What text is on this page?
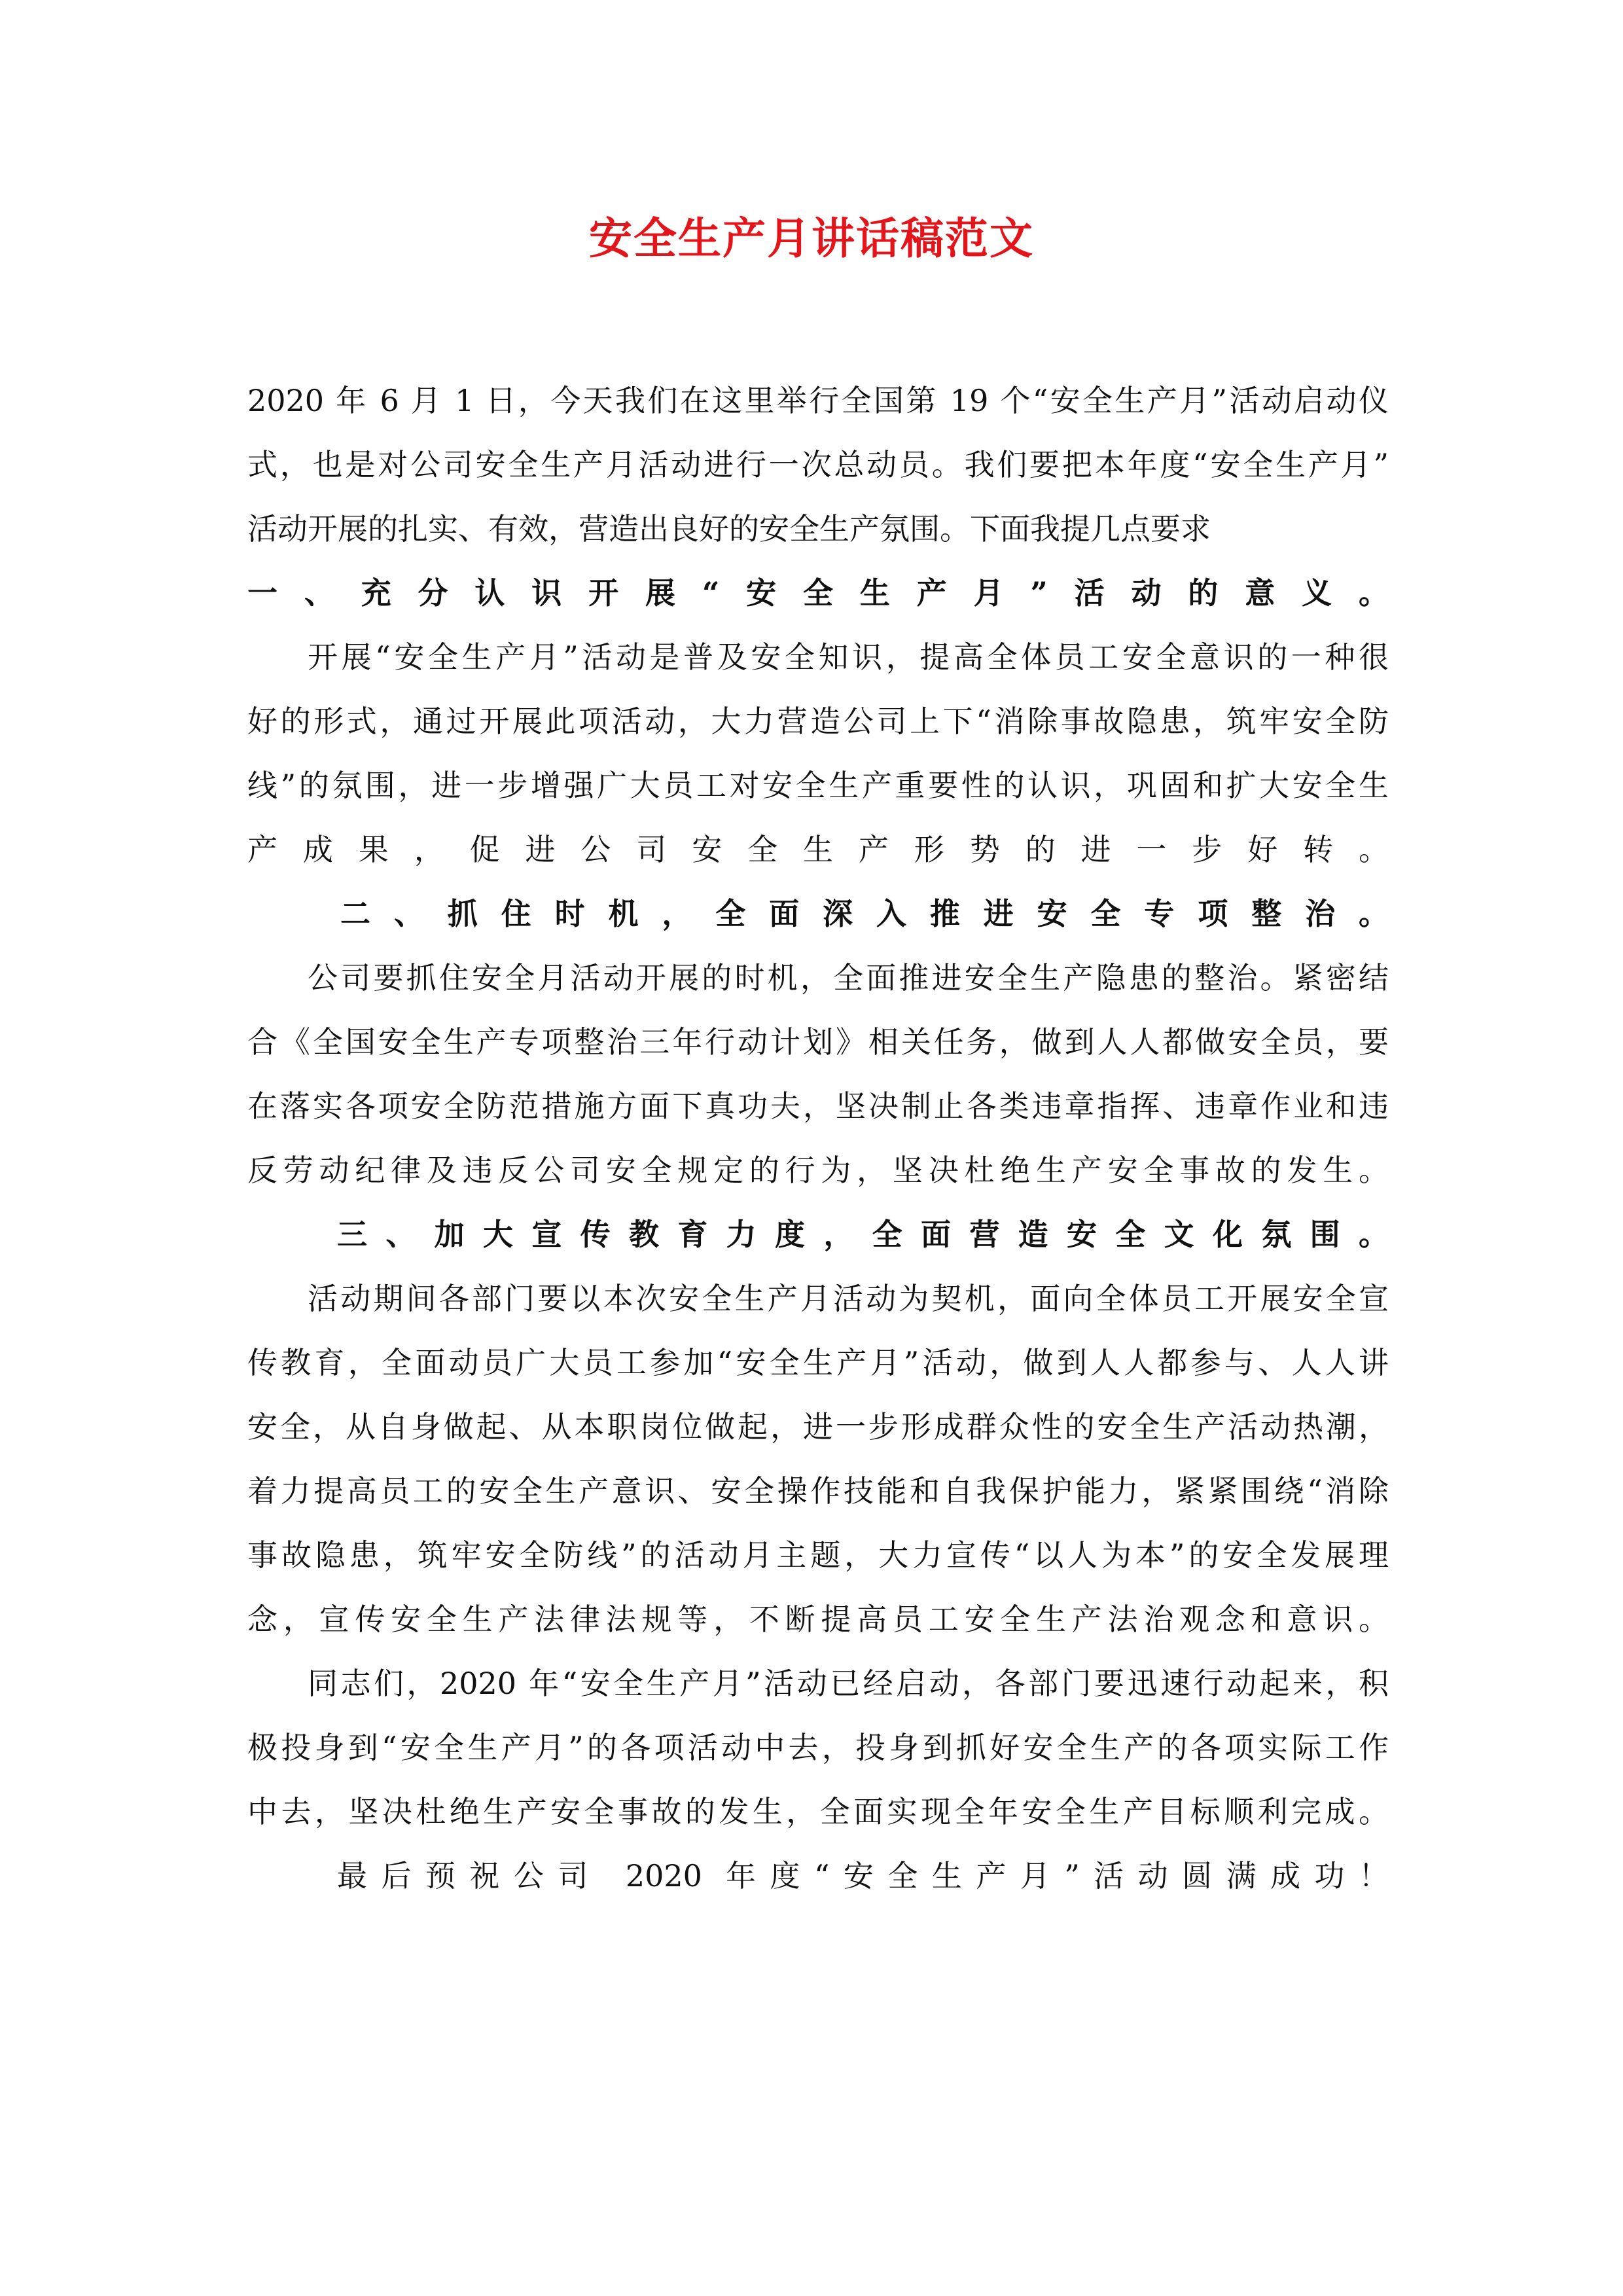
安全生产月讲话稿范文
2020 年 6 月 1 日，今天我们在这里举行全国第 19 个“安全生产月”活动启动仪
式，也是对公司安全生产月活动进行一次总动员。我们要把本年度“安全生产月”
活动开展的扎实、有效，营造出良好的安全生产氛围。下面我提几点要求
一、充分认识开展“安全生产月”活动的意义。
开展“安全生产月”活动是普及安全知识，提高全体员工安全意识的一种很
好的形式，通过开展此项活动，大力营造公司上下“消除事故隐患，筑牢安全防
线”的氛围，进一步增强广大员工对安全生产重要性的认识，巩固和扩大安全生
产成果，促进公司安全生产形势的进一步好转。
二、抓住时机，全面深入推进安全专项整治。
公司要抓住安全月活动开展的时机，全面推进安全生产隐患的整治。紧密结
合《全国安全生产专项整治三年行动计划》相关任务，做到人人都做安全员，要
在落实各项安全防范措施方面下真功夫，坚决制止各类违章指挥、违章作业和违
反劳动纪律及违反公司安全规定的行为，坚决杜绝生产安全事故的发生。
三、加大宣传教育力度，全面营造安全文化氛围。
活动期间各部门要以本次安全生产月活动为契机，面向全体员工开展安全宣
传教育，全面动员广大员工参加“安全生产月”活动，做到人人都参与、人人讲
安全，从自身做起、从本职岗位做起，进一步形成群众性的安全生产活动热潮，
着力提高员工的安全生产意识、安全操作技能和自我保护能力，紧紧围绕“消除
事故隐患，筑牢安全防线”的活动月主题，大力宣传“以人为本”的安全发展理
念，宣传安全生产法律法规等，不断提高员工安全生产法治观念和意识。
同志们，2020 年“安全生产月”活动已经启动，各部门要迅速行动起来，积
极投身到“安全生产月”的各项活动中去，投身到抓好安全生产的各项实际工作
中去，坚决杜绝生产安全事故的发生，全面实现全年安全生产目标顺利完成。
最后预祝公司 2020 年度“安全生产月”活动圆满成功！
